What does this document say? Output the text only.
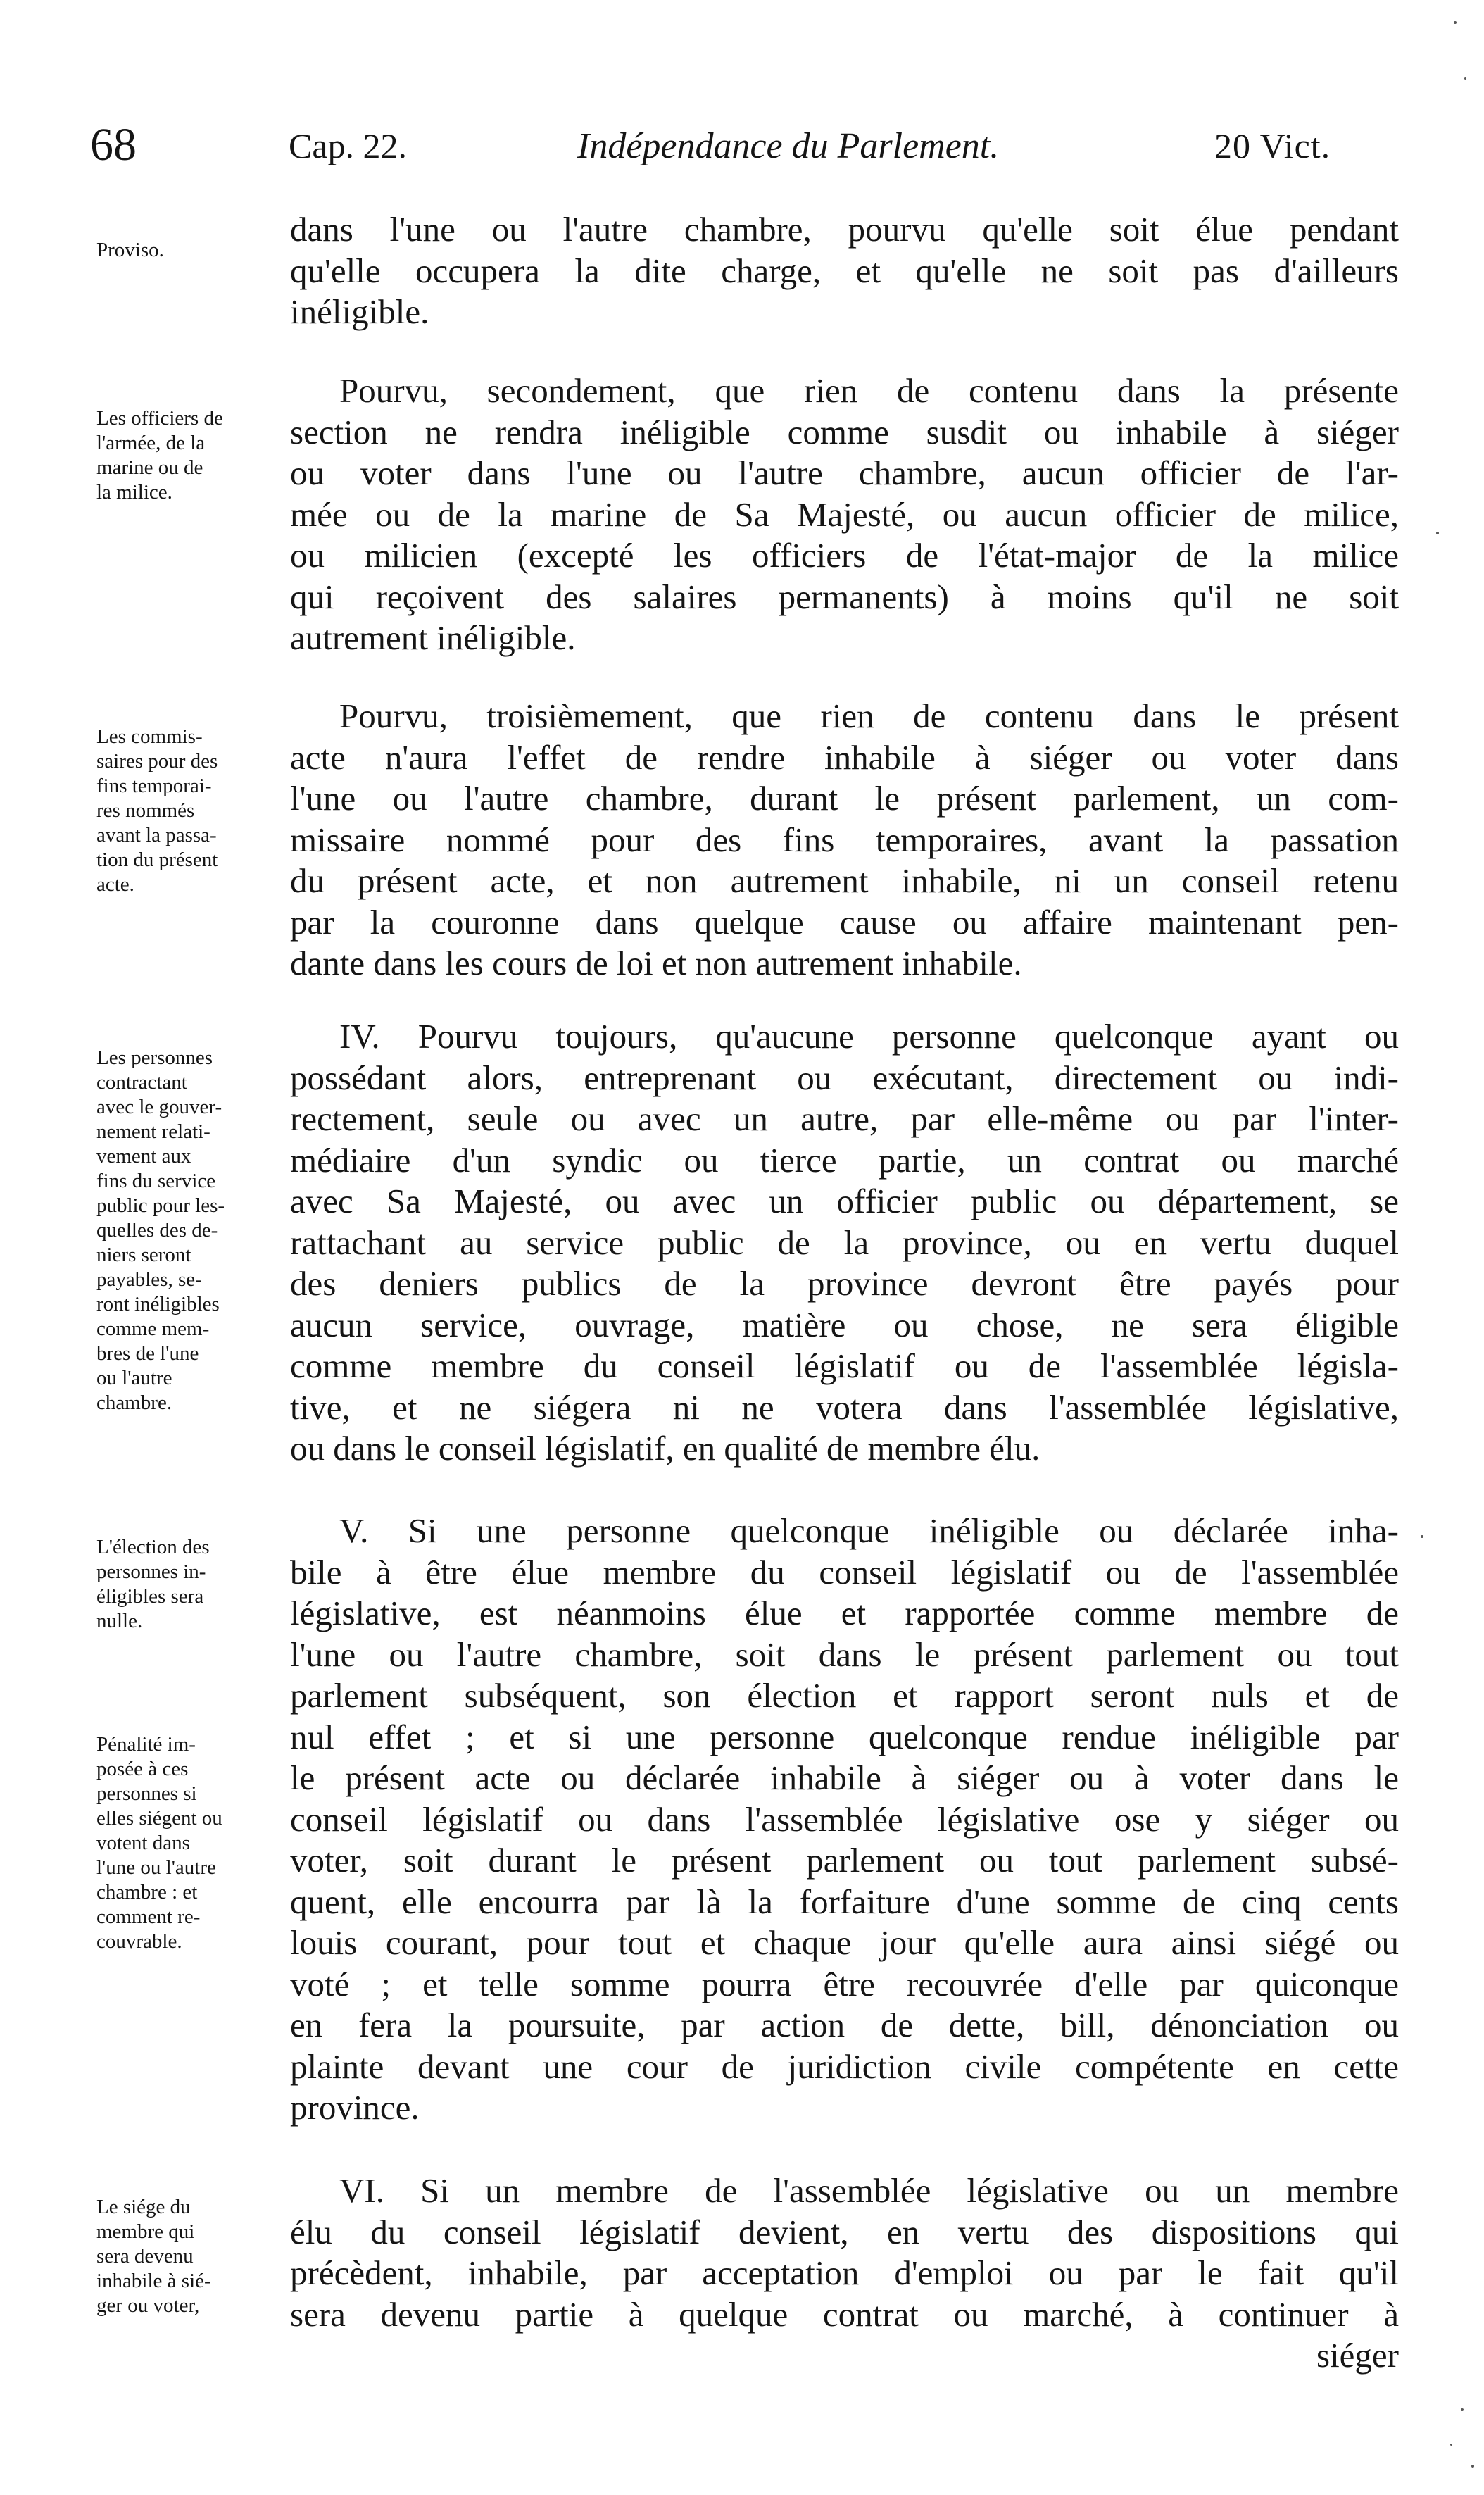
68	Cap. 22.	Indépendance du Parlement.	20 Vict.
Proviso.
dans l'une ou l'autre chambre, pourvu qu'elle soit élue pendant
qu'elle occupera la dite charge, et qu'elle ne soit pas d'ailleurs
inéligible.
Les officiers de
l'armée, de la
marine ou de
la milice.
Pourvu, secondement, que rien de contenu dans la présente
section ne rendra inéligible comme susdit ou inhabile à siéger
ou voter dans l'une ou l'autre chambre, aucun officier de l'ar-
mée ou de la marine de Sa Majesté, ou aucun officier de milice,
ou milicien (excepté les officiers de l'état-major de la milice
qui reçoivent des salaires permanents) à moins qu'il ne soit
autrement inéligible.
Les commis-
saires pour des
fins temporai-
res nommés
avant la passa-
tion du présent
acte.
Pourvu, troisièmement, que rien de contenu dans le présent
acte n'aura l'effet de rendre inhabile à siéger ou voter dans
l'une ou l'autre chambre, durant le présent parlement, un com-
missaire nommé pour des fins temporaires, avant la passation
du présent acte, et non autrement inhabile, ni un conseil retenu
par la couronne dans quelque cause ou affaire maintenant pen-
dante dans les cours de loi et non autrement inhabile.
Les personnes
contractant
avec le gouver-
nement relati-
vement aux
fins du service
public pour les-
quelles des de-
niers seront
payables, se-
ront inéligibles
comme mem-
bres de l'une
ou l'autre
chambre.
IV. Pourvu toujours, qu'aucune personne quelconque ayant ou
possédant alors, entreprenant ou exécutant, directement ou indi-
rectement, seule ou avec un autre, par elle-même ou par l'inter-
médiaire d'un syndic ou tierce partie, un contrat ou marché
avec Sa Majesté, ou avec un officier public ou département, se
rattachant au service public de la province, ou en vertu duquel
des deniers publics de la province devront être payés pour
aucun service, ouvrage, matière ou chose, ne sera éligible
comme membre du conseil législatif ou de l'assemblée législa-
tive, et ne siégera ni ne votera dans l'assemblée législative,
ou dans le conseil législatif, en qualité de membre élu.
L'élection des
personnes in-
éligibles sera
nulle.
Pénalité im-
posée à ces
personnes si
elles siégent ou
votent dans
l'une ou l'autre
chambre : et
comment re-
couvrable.
V. Si une personne quelconque inéligible ou déclarée inha-
bile à être élue membre du conseil législatif ou de l'assemblée
législative, est néanmoins élue et rapportée comme membre de
l'une ou l'autre chambre, soit dans le présent parlement ou tout
parlement subséquent, son élection et rapport seront nuls et de
nul effet ; et si une personne quelconque rendue inéligible par
le présent acte ou déclarée inhabile à siéger ou à voter dans le
conseil législatif ou dans l'assemblée législative ose y siéger ou
voter, soit durant le présent parlement ou tout parlement subsé-
quent, elle encourra par là la forfaiture d'une somme de cinq cents
louis courant, pour tout et chaque jour qu'elle aura ainsi siégé ou
voté ; et telle somme pourra être recouvrée d'elle par quiconque
en fera la poursuite, par action de dette, bill, dénonciation ou
plainte devant une cour de juridiction civile compétente en cette
province.
Le siége du
membre qui
sera devenu
inhabile à sié-
ger ou voter,
VI. Si un membre de l'assemblée législative ou un membre
élu du conseil législatif devient, en vertu des dispositions qui
précèdent, inhabile, par acceptation d'emploi ou par le fait qu'il
sera devenu partie à quelque contrat ou marché, à continuer à
siéger
